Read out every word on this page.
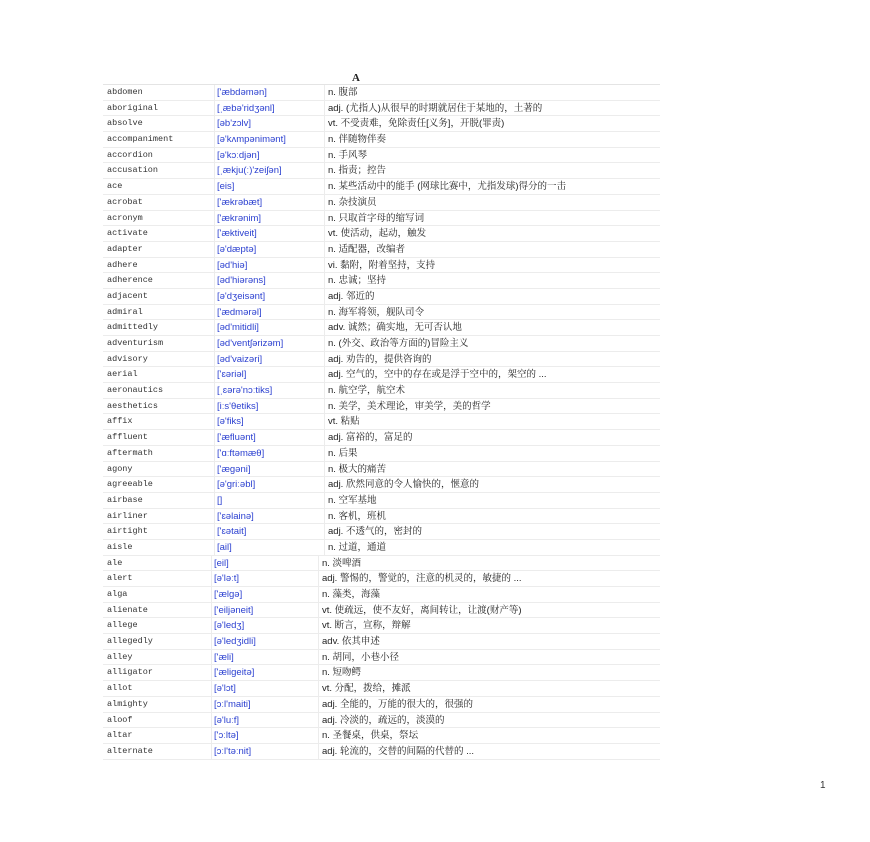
A
abdomen	['æbdəmən]	n. 腹部
aboriginal	[ˌæbə'ridʒənl]	adj. (尤指人)从很早的时期就居住于某地的，土著的
absolve	[əb'zɔlv]	vt. 不受责难，免除责任[义务]，开脱(罪责)
accompaniment	[ə'kʌmpənimənt]	n. 伴随物伴奏
accordion	[ə'kɔːdjən]	n. 手风琴
accusation	[ˌækju(ː)'zeiʃən]	n. 指责；控告
ace	[eis]	n. 某些活动中的能手 (网球比赛中，尤指发球)得分的一击
acrobat	['ækrəbæt]	n. 杂技演员
acronym	['ækrənim]	n. 只取首字母的缩写词
activate	['æktiveit]	vt. 使活动，起动，触发
adapter	[ə'dæptə]	n. 适配器，改编者
adhere	[əd'hiə]	vi. 黏附，附着坚持，支持
adherence	[əd'hiərəns]	n. 忠诚；坚持
adjacent	[ə'dʒeisənt]	adj. 邻近的
admiral	['ædmərəl]	n. 海军将领，舰队司令
admittedly	[əd'mitidli]	adv. 诚然；确实地，无可否认地
adventurism	[əd'ventʃərizəm]	n. (外交、政治等方面的)冒险主义
advisory	[əd'vaizəri]	adj. 劝告的，提供咨询的
aerial	['ɛəriəl]	adj. 空气的，空中的存在或是浮于空中的，架空的 ...
aeronautics	[ˌɛərə'nɔːtiks]	n. 航空学，航空术
aesthetics	[iːs'θetiks]	n. 美学，美术理论，审美学，美的哲学
affix	[ə'fiks]	vt. 粘贴
affluent	['æfluənt]	adj. 富裕的，富足的
aftermath	['ɑːftəmæθ]	n. 后果
agony	['ægəni]	n. 极大的痛苦
agreeable	[ə'griːəbl]	adj. 欣然同意的令人愉快的，惬意的
airbase	[]	n. 空军基地
airliner	['ɛəlainə]	n. 客机，班机
airtight	['ɛətait]	adj. 不透气的，密封的
aisle	[ail]	n. 过道，通道
ale	[eil]	n. 淡啤酒
alert	[ə'ləːt]	adj. 警惕的，警觉的，注意的机灵的，敏捷的 ...
alga	['ælgə]	n. 藻类，海藻
alienate	['eiljəneit]	vt. 使疏远，使不友好，离间转让，让渡(财产等)
allege	[ə'ledʒ]	vt. 断言，宣称，辩解
allegedly	[ə'ledʒidli]	adv. 依其申述
alley	['æli]	n. 胡同，小巷小径
alligator	['æligeitə]	n. 短吻鳄
allot	[ə'lɔt]	vt. 分配，拨给，摊派
almighty	[ɔːl'maiti]	adj. 全能的，万能的很大的，很强的
aloof	[ə'luːf]	adj. 冷淡的，疏远的，淡漠的
altar	['ɔːltə]	n. 圣餐桌，供桌，祭坛
alternate	[ɔːl'təːnit]	adj. 轮流的，交替的间隔的代替的 ...
1
